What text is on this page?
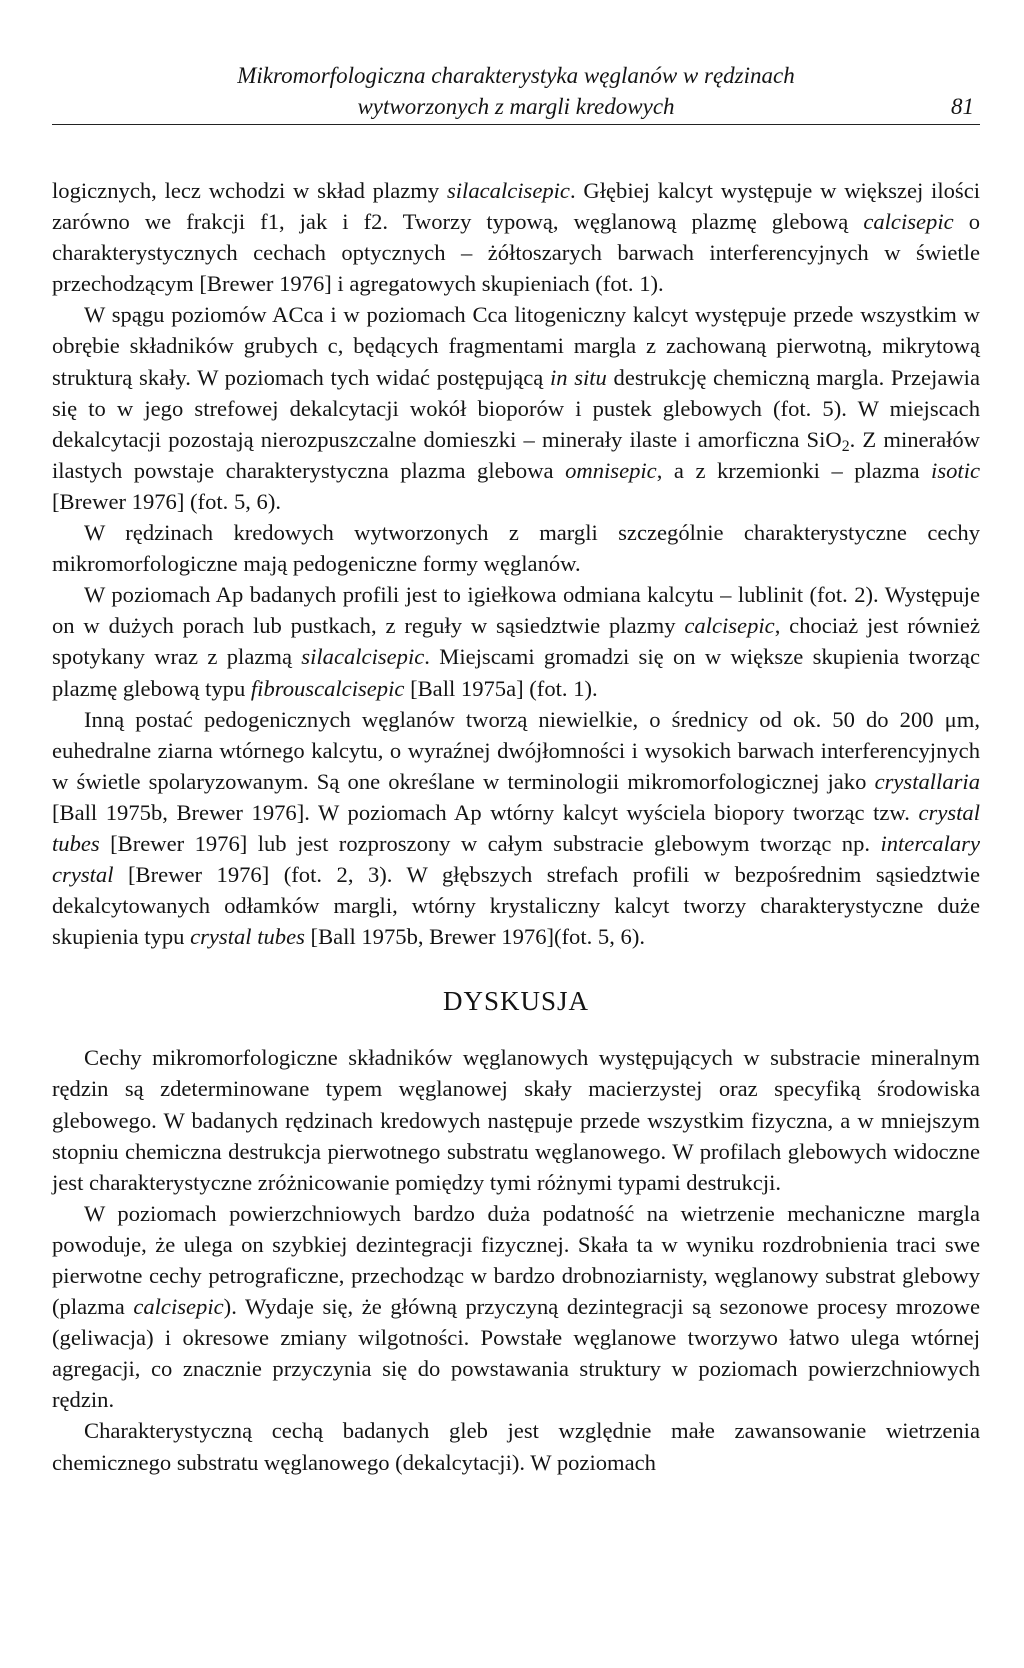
Mikromorfologiczna charakterystyka węglanów w rędzinach

wytworzonych z margli kredowych	81

logicznych, lecz wchodzi w skład plazmy silacalcisepic. Głębiej kalcyt występuje w większej ilości zarówno we frakcji f1, jak i f2. Tworzy typową, węglanową plazmę glebową calcisepic o charakterystycznych cechach optycznych – żółtoszarych barwach interferencyjnych w świetle przechodzącym [Brewer 1976] i agregatowych skupieniach (fot. 1).

W spągu poziomów ACca i w poziomach Cca litogeniczny kalcyt występuje przede wszystkim w obrębie składników grubych c, będących fragmentami margla z zachowaną pierwotną, mikrytową strukturą skały. W poziomach tych widać postępującą in situ destrukcję chemiczną margla. Przejawia się to w jego strefowej dekalcytacji wokół bioporów i pustek glebowych (fot. 5). W miejscach dekalcytacji pozostają nierozpuszczalne domieszki – minerały ilaste i amorficzna SiO$_2$. Z minerałów ilastych powstaje charakterystyczna plazma glebowa omnisepic, a z krzemionki – plazma isotic [Brewer 1976] (fot. 5, 6).

W rędzinach kredowych wytworzonych z margli szczególnie charakterystyczne cechy mikromorfologiczne mają pedogeniczne formy węglanów.

W poziomach Ap badanych profili jest to igiełkowa odmiana kalcytu – lublinit (fot. 2). Występuje on w dużych porach lub pustkach, z reguły w sąsiedztwie plazmy calcisepic, chociaż jest również spotykany wraz z plazmą silacalcisepic. Miejscami gromadzi się on w większe skupienia tworząc plazmę glebową typu fibrouscalcisepic [Ball 1975a] (fot. 1).

Inną postać pedogenicznych węglanów tworzą niewielkie, o średnicy od ok. 50 do 200 μm, euhedralne ziarna wtórnego kalcytu, o wyraźnej dwójłomności i wysokich barwach interferencyjnych w świetle spolaryzowanym. Są one określane w terminologii mikromorfologicznej jako crystallaria [Ball 1975b, Brewer 1976]. W poziomach Ap wtórny kalcyt wyściela biopory tworząc tzw. crystal tubes [Brewer 1976] lub jest rozproszony w całym substracie glebowym tworząc np. intercalary crystal [Brewer 1976] (fot. 2, 3). W głębszych strefach profili w bezpośrednim sąsiedztwie dekalcytowanych odłamków margli, wtórny krystaliczny kalcyt tworzy charakterystyczne duże skupienia typu crystal tubes [Ball 1975b, Brewer 1976](fot. 5, 6).

DYSKUSJA

Cechy mikromorfologiczne składników węglanowych występujących w substracie mineralnym rędzin są zdeterminowane typem węglanowej skały macierzystej oraz specyfiką środowiska glebowego. W badanych rędzinach kredowych następuje przede wszystkim fizyczna, a w mniejszym stopniu chemiczna destrukcja pierwotnego substratu węglanowego. W profilach glebowych widoczne jest charakterystyczne zróżnicowanie pomiędzy tymi różnymi typami destrukcji.

W poziomach powierzchniowych bardzo duża podatność na wietrzenie mechaniczne margla powoduje, że ulega on szybkiej dezintegracji fizycznej. Skała ta w wyniku rozdrobnienia traci swe pierwotne cechy petrograficzne, przechodząc w bardzo drobnoziarnisty, węglanowy substrat glebowy (plazma calcisepic). Wydaje się, że główną przyczyną dezintegracji są sezonowe procesy mrozowe (geliwacja) i okresowe zmiany wilgotności. Powstałe węglanowe tworzywo łatwo ulega wtórnej agregacji, co znacznie przyczynia się do powstawania struktury w poziomach powierzchniowych rędzin.

Charakterystyczną cechą badanych gleb jest względnie małe zawansowanie wietrzenia chemicznego substratu węglanowego (dekalcytacji). W poziomach
